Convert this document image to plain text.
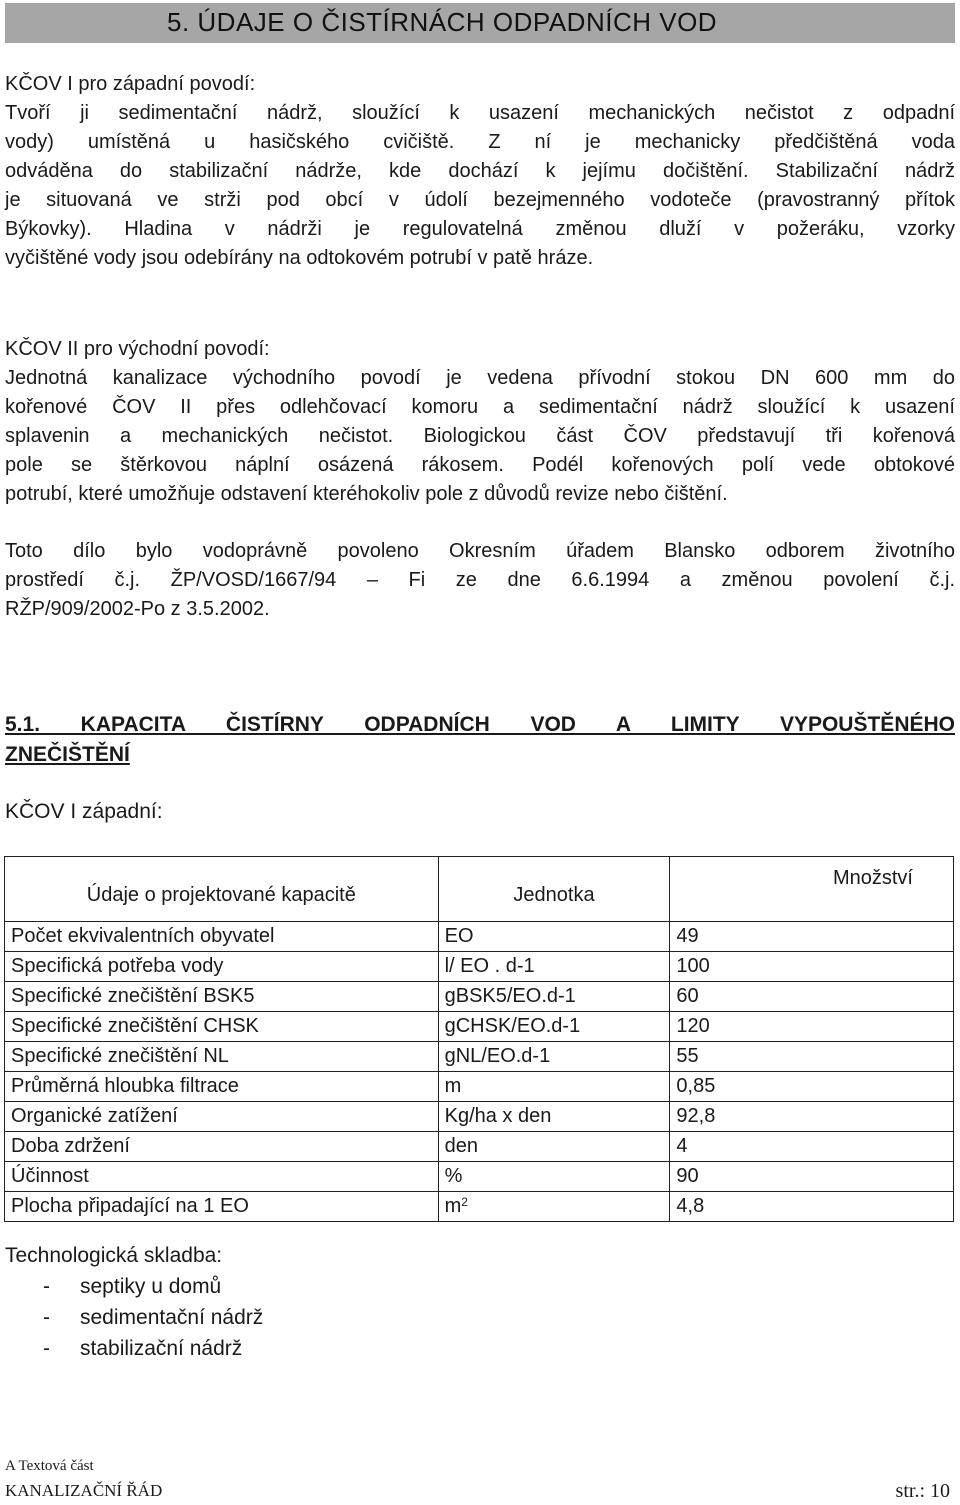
5. ÚDAJE O ČISTÍRNÁCH ODPADNÍCH VOD
KČOV I pro západní povodí:
Tvoří ji sedimentační nádrž, sloužící k usazení mechanických nečistot z odpadní
vody) umístěná u hasičského cvičiště. Z ní je mechanicky předčištěná voda
odváděna do stabilizační nádrže, kde dochází k jejímu dočištění. Stabilizační nádrž
je situovaná ve strži pod obcí v údolí bezejmenného vodoteče (pravostranný přítok
Býkovky). Hladina v nádrži je regulovatelná změnou dluží v požeráku, vzorky
vyčištěné vody jsou odebírány na odtokovém potrubí v patě hráze.
KČOV II pro východní povodí:
Jednotná kanalizace východního povodí je vedena přívodní stokou DN 600 mm do
kořenové ČOV II přes odlehčovací komoru a sedimentační nádrž sloužící k usazení
splavenin a mechanických nečistot. Biologickou část ČOV představují tři kořenová
pole se štěrkovou náplní osázená rákosem. Podél kořenových polí vede obtokové
potrubí, které umožňuje odstavení kteréhokoliv pole z důvodů revize nebo čištění.
Toto dílo bylo vodoprávně povoleno Okresním úřadem Blansko odborem životního
prostředí č.j. ŽP/VOSD/1667/94 – Fi ze dne 6.6.1994 a změnou povolení č.j.
RŽP/909/2002-Po z 3.5.2002.
5.1. KAPACITA ČISTÍRNY ODPADNÍCH VOD A LIMITY VYPOUŠTĚNÉHO
ZNEČIŠTĚNÍ
KČOV I západní:
Údaje o projektované kapacitě	Jednotka	Množství
Počet ekvivalentních obyvatel	EO	49
Specifická potřeba vody	l/ EO . d-1	100
Specifické znečištění BSK5	gBSK5/EO.d-1	60
Specifické znečištění CHSK	gCHSK/EO.d-1	120
Specifické znečištění NL	gNL/EO.d-1	55
Průměrná hloubka filtrace	m	0,85
Organické zatížení	Kg/ha x den	92,8
Doba zdržení	den	4
Účinnost	%	90
Plocha připadající na 1 EO	$m^2$	4,8
Technologická skladba:
- septiky u domů
- sedimentační nádrž
- stabilizační nádrž
A Textová část
KANALIZAČNÍ ŘÁD	str.: 10
